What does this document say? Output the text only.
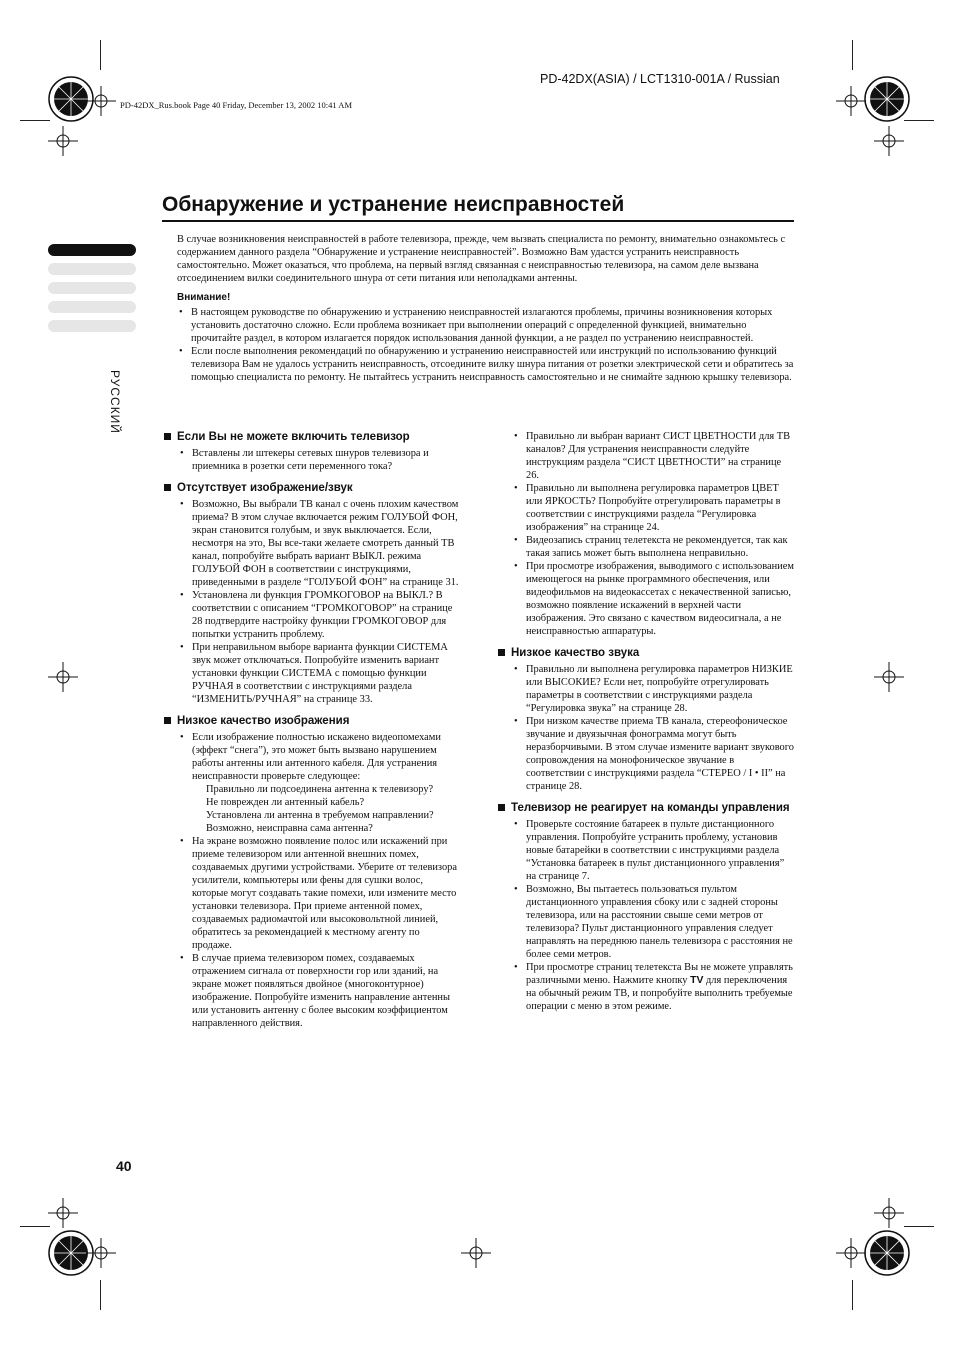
PD-42DX(ASIA) / LCT1310-001A / Russian
PD-42DX_Rus.book Page 40 Friday, December 13, 2002 10:41 AM
Обнаружение и устранение неисправностей
РУССКИЙ

В случае возникновения неисправностей в работе телевизора, прежде, чем вызвать специалиста по ремонту, внимательно ознакомьтесь с содержанием данного раздела “Обнаружение и устранение неисправностей”. Возможно Вам удастся устранить неисправность самостоятельно. Может оказаться, что проблема, на первый взгляд связанная с неисправностью телевизора, на самом деле вызвана отсоединением вилки соединительного шнура от сети питания или неполадками антенны.

Внимание!
• В настоящем руководстве по обнаружению и устранению неисправностей излагаются проблемы, причины возникновения которых установить достаточно сложно. Если проблема возникает при выполнении операций с определенной функцией, внимательно прочитайте раздел, в котором излагается порядок использования данной функции, а не раздел по устранению неисправностей.
• Если после выполнения рекомендаций по обнаружению и устранению неисправностей или инструкций по использованию функций телевизора Вам не удалось устранить неисправность, отсоедините вилку шнура питания от розетки электрической сети и обратитесь за помощью специалиста по ремонту. Не пытайтесь устранить неисправность самостоятельно и не снимайте заднюю крышку телевизора.
Если Вы не можете включить телевизор
• Вставлены ли штекеры сетевых шнуров телевизора и приемника в розетки сети переменного тока?
Отсутствует изображение/звук
• Возможно, Вы выбрали ТВ канал с очень плохим качеством приема? В этом случае включается режим ГОЛУБОЙ ФОН, экран становится голубым, и звук выключается. Если, несмотря на это, Вы все-таки желаете смотреть данный ТВ канал, попробуйте выбрать вариант ВЫКЛ. режима ГОЛУБОЙ ФОН в соответствии с инструкциями, приведенными в разделе “ГОЛУБОЙ ФОН” на странице 31.
• Установлена ли функция ГРОМКОГОВОР на ВЫКЛ.? В соответствии с описанием “ГРОМКОГОВОР” на странице 28 подтвердите настройку функции ГРОМКОГОВОР для попытки устранить проблему.
• При неправильном выборе варианта функции СИСТЕМА звук может отключаться. Попробуйте изменить вариант установки функции СИСТЕМА с помощью функции РУЧНАЯ в соответствии с инструкциями раздела “ИЗМЕНИТЬ/РУЧНАЯ” на странице 33.
Низкое качество изображения
• Если изображение полностью искажено видеопомехами (эффект “снега”), это может быть вызвано нарушением работы антенны или антенного кабеля. Для устранения неисправности проверьте следующее:
Правильно ли подсоединена антенна к телевизору?
Не поврежден ли антенный кабель?
Установлена ли антенна в требуемом направлении?
Возможно, неисправна сама антенна?
• На экране возможно появление полос или искажений при приеме телевизором или антенной внешних помех, создаваемых другими устройствами. Уберите от телевизора усилители, компьютеры или фены для сушки волос, которые могут создавать такие помехи, или измените место установки телевизора. При приеме антенной помех, создаваемых радиомачтой или высоковольтной линией, обратитесь за рекомендацией к местному агенту по продаже.
• В случае приема телевизором помех, создаваемых отражением сигнала от поверхности гор или зданий, на экране может появляться двойное (многоконтурное) изображение. Попробуйте изменить направление антенны или установить антенну с более высоким коэффициентом направленного действия.
• Правильно ли выбран вариант СИСТ ЦВЕТНОСТИ для ТВ каналов? Для устранения неисправности следуйте инструкциям раздела “СИСТ ЦВЕТНОСТИ” на странице 26.
• Правильно ли выполнена регулировка параметров ЦВЕТ или ЯРКОСТЬ? Попробуйте отрегулировать параметры в соответствии с инструкциями раздела “Регулировка изображения” на странице 24.
• Видеозапись страниц телетекста не рекомендуется, так как такая запись может быть выполнена неправильно.
• При просмотре изображения, выводимого с использованием имеющегося на рынке программного обеспечения, или видеофильмов на видеокассетах с некачественной записью, возможно появление искажений в верхней части изображения. Это связано с качеством видеосигнала, а не неисправностью аппаратуры.
Низкое качество звука
• Правильно ли выполнена регулировка параметров НИЗКИЕ или ВЫСОКИЕ? Если нет, попробуйте отрегулировать параметры в соответствии с инструкциями раздела “Регулировка звука” на странице 28.
• При низком качестве приема ТВ канала, стереофоническое звучание и двуязычная фонограмма могут быть неразборчивыми. В этом случае измените вариант звукового сопровождения на монофоническое звучание в соответствии с инструкциями раздела “СТЕРЕО / I • II” на странице 28.
Телевизор не реагирует на команды управления
• Проверьте состояние батареек в пульте дистанционного управления. Попробуйте устранить проблему, установив новые батарейки в соответствии с инструкциями раздела “Установка батареек в пульт дистанционного управления” на странице 7.
• Возможно, Вы пытаетесь пользоваться пультом дистанционного управления сбоку или с задней стороны телевизора, или на расстоянии свыше семи метров от телевизора? Пульт дистанционного управления следует направлять на переднюю панель телевизора с расстояния не более семи метров.
• При просмотре страниц телетекста Вы не можете управлять различными меню. Нажмите кнопку TV для переключения на обычный режим ТВ, и попробуйте выполнить требуемые операции с меню в этом режиме.
40
